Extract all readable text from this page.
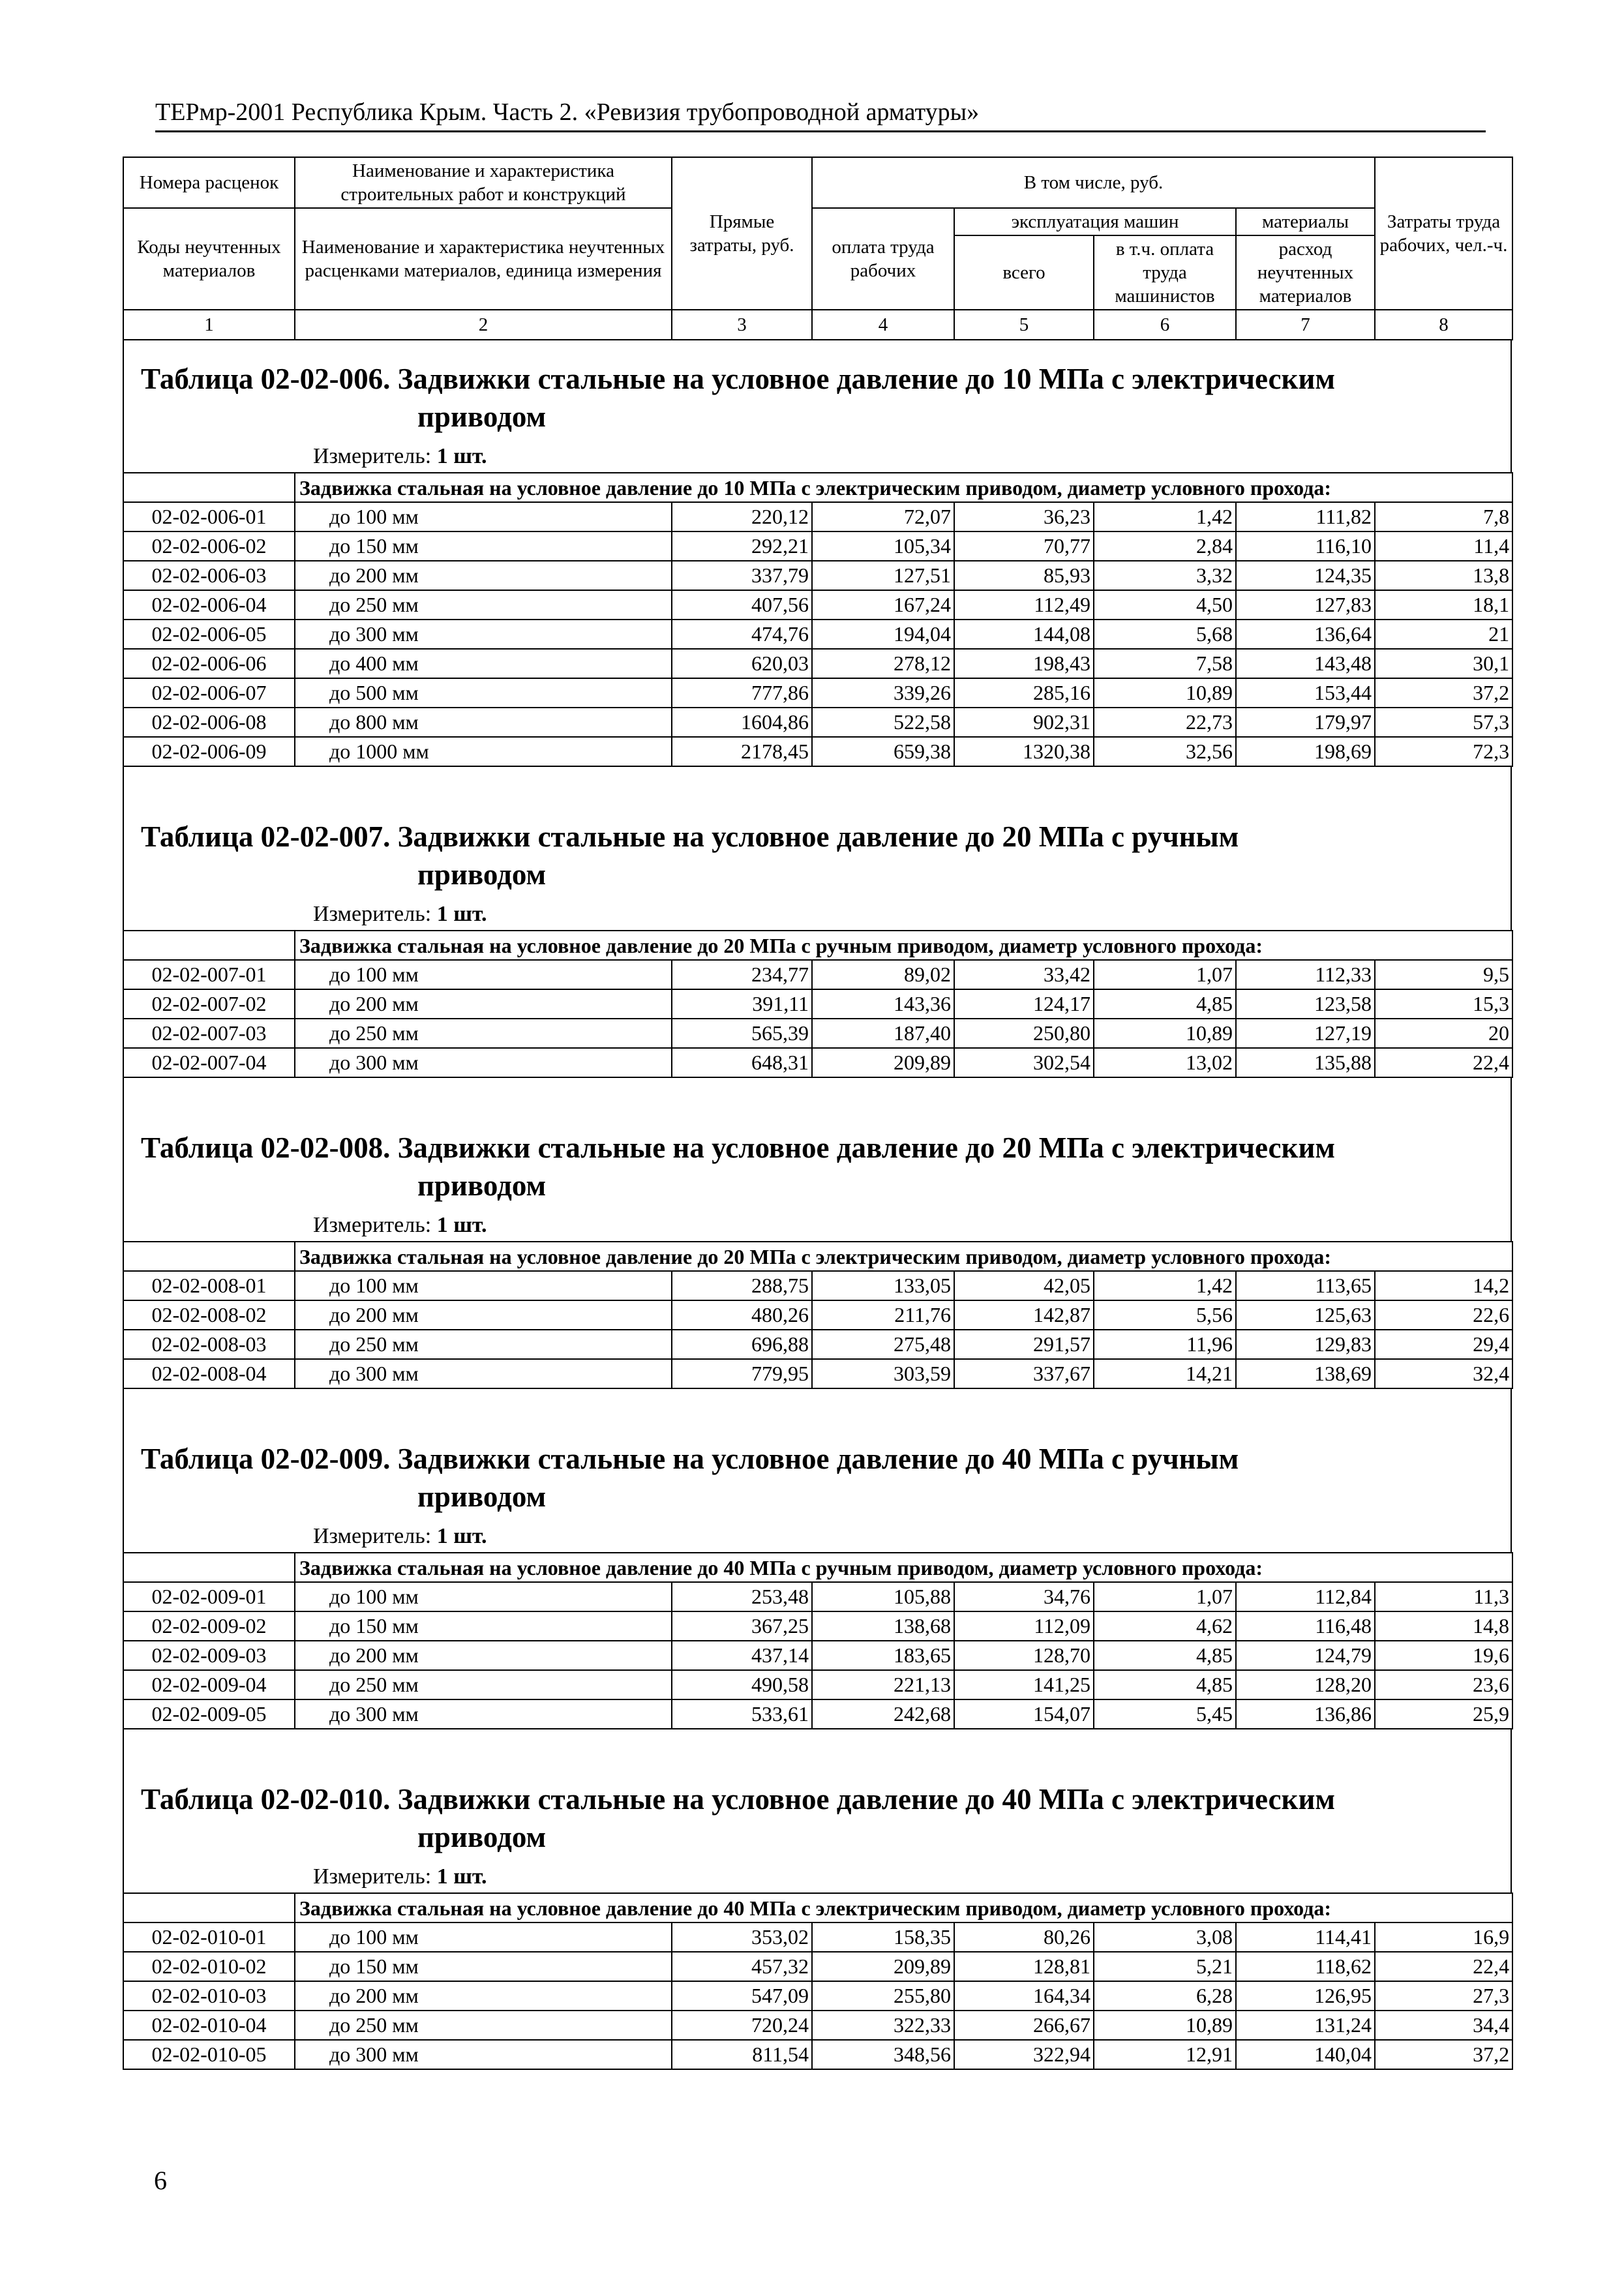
ТЕРмр-2001 Республика Крым. Часть 2. «Ревизия трубопроводной арматуры»
Номера расценок	Наименование и характеристика строительных работ и конструкций	Прямые затраты, руб.	В том числе, руб.				Затраты труда рабочих, чел.-ч.
Коды неучтенных материалов	Наименование и характеристика неучтенных расценками материалов, единица измерения		оплата труда рабочих	эксплуатация машин		материалы	
				всего	в т.ч. оплата труда машинистов	расход неучтенных материалов	
1	2	3	4	5	6	7	8
Таблица 02-02-006. Задвижки стальные на условное давление до 10 МПа с электрическим
приводом
Измеритель: 1 шт.
	Задвижка стальная на условное давление до 10 МПа с электрическим приводом, диаметр условного прохода:						
02-02-006-01	до 100 мм	220,12	72,07	36,23	1,42	111,82	7,8
02-02-006-02	до 150 мм	292,21	105,34	70,77	2,84	116,10	11,4
02-02-006-03	до 200 мм	337,79	127,51	85,93	3,32	124,35	13,8
02-02-006-04	до 250 мм	407,56	167,24	112,49	4,50	127,83	18,1
02-02-006-05	до 300 мм	474,76	194,04	144,08	5,68	136,64	21
02-02-006-06	до 400 мм	620,03	278,12	198,43	7,58	143,48	30,1
02-02-006-07	до 500 мм	777,86	339,26	285,16	10,89	153,44	37,2
02-02-006-08	до 800 мм	1604,86	522,58	902,31	22,73	179,97	57,3
02-02-006-09	до 1000 мм	2178,45	659,38	1320,38	32,56	198,69	72,3
Таблица 02-02-007. Задвижки стальные на условное давление до 20 МПа с ручным
приводом
Измеритель: 1 шт.
	Задвижка стальная на условное давление до 20 МПа с ручным приводом, диаметр условного прохода:						
02-02-007-01	до 100 мм	234,77	89,02	33,42	1,07	112,33	9,5
02-02-007-02	до 200 мм	391,11	143,36	124,17	4,85	123,58	15,3
02-02-007-03	до 250 мм	565,39	187,40	250,80	10,89	127,19	20
02-02-007-04	до 300 мм	648,31	209,89	302,54	13,02	135,88	22,4
Таблица 02-02-008. Задвижки стальные на условное давление до 20 МПа с электрическим
приводом
Измеритель: 1 шт.
	Задвижка стальная на условное давление до 20 МПа с электрическим приводом, диаметр условного прохода:						
02-02-008-01	до 100 мм	288,75	133,05	42,05	1,42	113,65	14,2
02-02-008-02	до 200 мм	480,26	211,76	142,87	5,56	125,63	22,6
02-02-008-03	до 250 мм	696,88	275,48	291,57	11,96	129,83	29,4
02-02-008-04	до 300 мм	779,95	303,59	337,67	14,21	138,69	32,4
Таблица 02-02-009. Задвижки стальные на условное давление до 40 МПа с ручным
приводом
Измеритель: 1 шт.
	Задвижка стальная на условное давление до 40 МПа с ручным приводом, диаметр условного прохода:						
02-02-009-01	до 100 мм	253,48	105,88	34,76	1,07	112,84	11,3
02-02-009-02	до 150 мм	367,25	138,68	112,09	4,62	116,48	14,8
02-02-009-03	до 200 мм	437,14	183,65	128,70	4,85	124,79	19,6
02-02-009-04	до 250 мм	490,58	221,13	141,25	4,85	128,20	23,6
02-02-009-05	до 300 мм	533,61	242,68	154,07	5,45	136,86	25,9
Таблица 02-02-010. Задвижки стальные на условное давление до 40 МПа с электрическим
приводом
Измеритель: 1 шт.
	Задвижка стальная на условное давление до 40 МПа с электрическим приводом, диаметр условного прохода:						
02-02-010-01	до 100 мм	353,02	158,35	80,26	3,08	114,41	16,9
02-02-010-02	до 150 мм	457,32	209,89	128,81	5,21	118,62	22,4
02-02-010-03	до 200 мм	547,09	255,80	164,34	6,28	126,95	27,3
02-02-010-04	до 250 мм	720,24	322,33	266,67	10,89	131,24	34,4
02-02-010-05	до 300 мм	811,54	348,56	322,94	12,91	140,04	37,2
6
